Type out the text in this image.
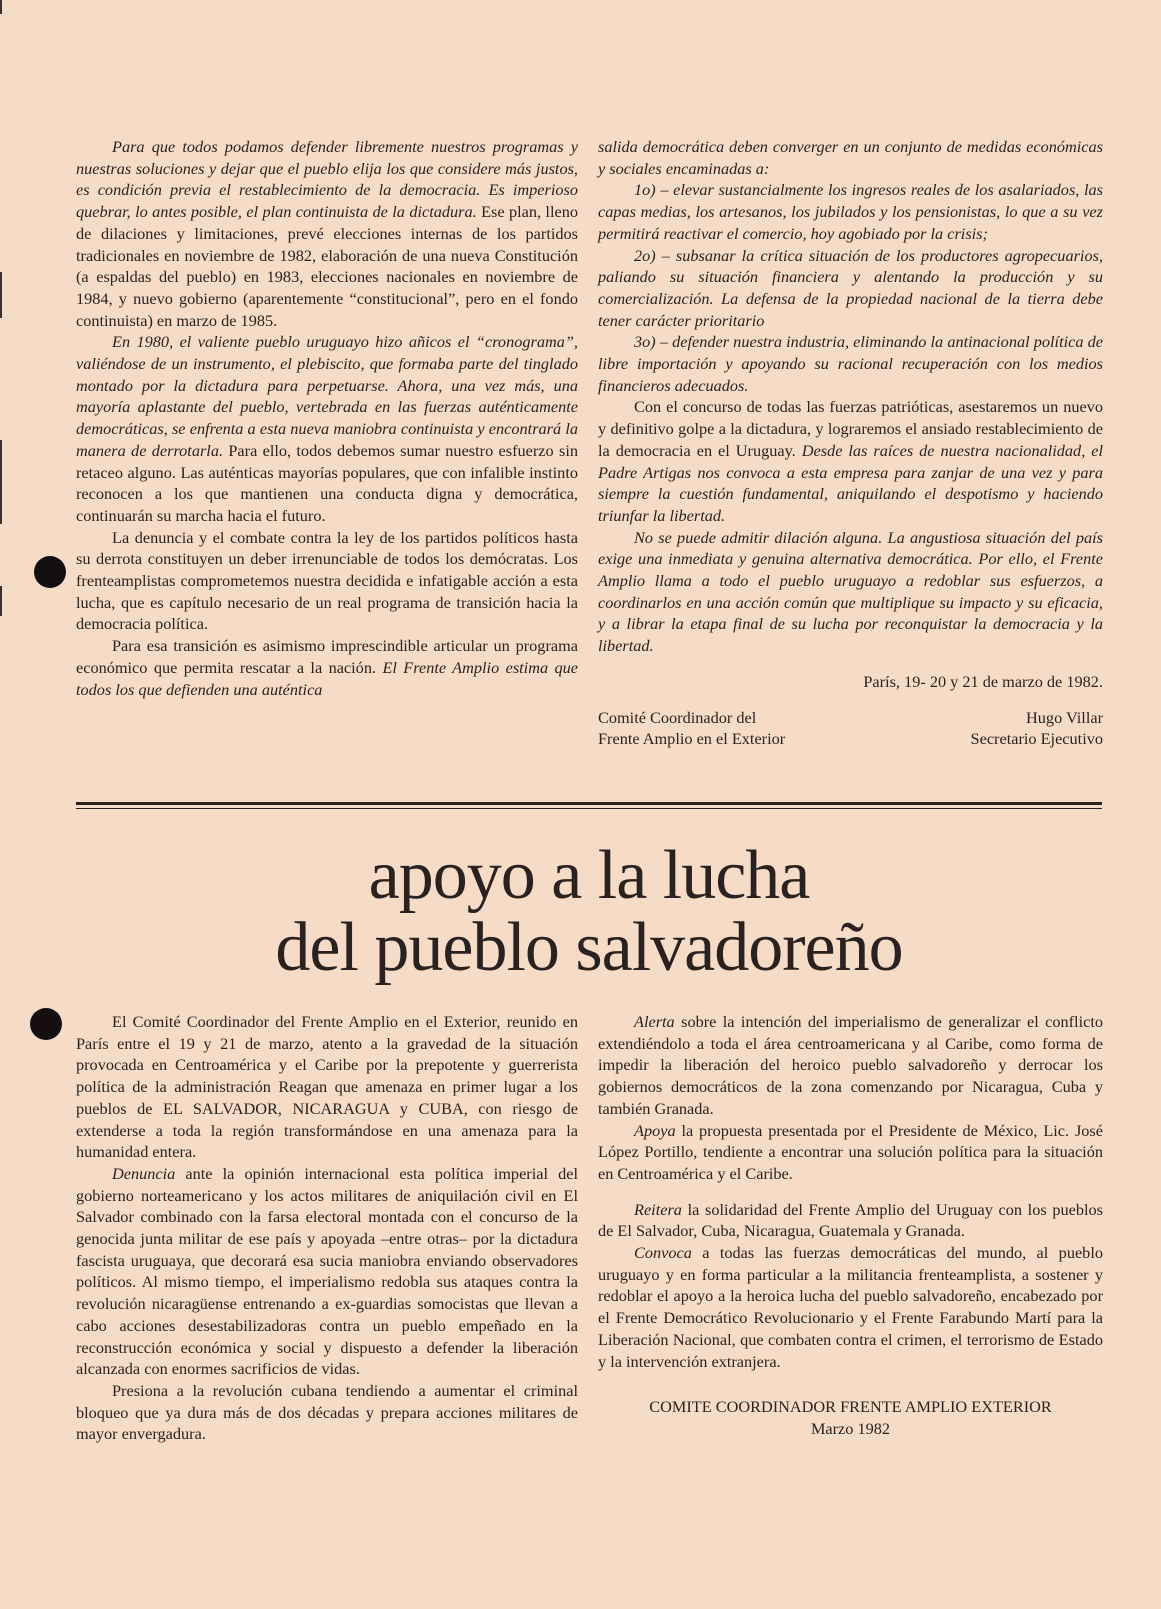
Para que todos podamos defender libremente nuestros programas y nuestras soluciones y dejar que el pueblo elija los que considere más justos, es condición previa el restablecimiento de la democracia. Es imperioso quebrar, lo antes posible, el plan continuista de la dictadura. Ese plan, lleno de dilaciones y limitaciones, prevé elecciones internas de los partidos tradicionales en noviembre de 1982, elaboración de una nueva Constitución (a espaldas del pueblo) en 1983, elecciones nacionales en noviembre de 1984, y nuevo gobierno (aparentemente “constitucional”, pero en el fondo continuista) en marzo de 1985.

En 1980, el valiente pueblo uruguayo hizo añicos el “cronograma”, valiéndose de un instrumento, el plebiscito, que formaba parte del tinglado montado por la dictadura para perpetuarse. Ahora, una vez más, una mayoría aplastante del pueblo, vertebrada en las fuerzas auténticamente democráticas, se enfrenta a esta nueva maniobra continuista y encontrará la manera de derrotarla. Para ello, todos debemos sumar nuestro esfuerzo sin retaceo alguno. Las auténticas mayorías populares, que con infalible instinto reconocen a los que mantienen una conducta digna y democrática, continuarán su marcha hacia el futuro.

La denuncia y el combate contra la ley de los partidos políticos hasta su derrota constituyen un deber irrenunciable de todos los demócratas. Los frenteamplistas comprometemos nuestra decidida e infatigable acción a esta lucha, que es capítulo necesario de un real programa de transición hacia la democracia política.

Para esa transición es asimismo imprescindible articular un programa económico que permita rescatar a la nación. El Frente Amplio estima que todos los que defienden una auténtica

salida democrática deben converger en un conjunto de medidas económicas y sociales encaminadas a:

1o) – elevar sustancialmente los ingresos reales de los asalariados, las capas medias, los artesanos, los jubilados y los pensionistas, lo que a su vez permitirá reactivar el comercio, hoy agobiado por la crisis;

2o) – subsanar la crítica situación de los productores agropecuarios, paliando su situación financiera y alentando la producción y su comercialización. La defensa de la propiedad nacional de la tierra debe tener carácter prioritario

3o) – defender nuestra industria, eliminando la antinacional política de libre importación y apoyando su racional recuperación con los medios financieros adecuados.

Con el concurso de todas las fuerzas patrióticas, asestaremos un nuevo y definitivo golpe a la dictadura, y lograremos el ansiado restablecimiento de la democracia en el Uruguay. Desde las raíces de nuestra nacionalidad, el Padre Artigas nos convoca a esta empresa para zanjar de una vez y para siempre la cuestión fundamental, aniquilando el despotismo y haciendo triunfar la libertad.

No se puede admitir dilación alguna. La angustiosa situación del país exige una inmediata y genuina alternativa democrática. Por ello, el Frente Amplio llama a todo el pueblo uruguayo a redoblar sus esfuerzos, a coordinarlos en una acción común que multiplique su impacto y su eficacia, y a librar la etapa final de su lucha por reconquistar la democracia y la libertad.

París, 19- 20 y 21 de marzo de 1982.

Comité Coordinador del
Frente Amplio en el Exterior
Hugo Villar
Secretario Ejecutivo
apoyo a la lucha
del pueblo salvadoreño

El Comité Coordinador del Frente Amplio en el Exterior, reunido en París entre el 19 y 21 de marzo, atento a la gravedad de la situación provocada en Centroamérica y el Caribe por la prepotente y guerrerista política de la administración Reagan que amenaza en primer lugar a los pueblos de EL SALVADOR, NICARAGUA y CUBA, con riesgo de extenderse a toda la región transformándose en una amenaza para la humanidad entera.

Denuncia ante la opinión internacional esta política imperial del gobierno norteamericano y los actos militares de aniquilación civil en El Salvador combinado con la farsa electoral montada con el concurso de la genocida junta militar de ese país y apoyada –entre otras– por la dictadura fascista uruguaya, que decorará esa sucia maniobra enviando observadores políticos. Al mismo tiempo, el imperialismo redobla sus ataques contra la revolución nicaragüense entrenando a ex-guardias somocistas que llevan a cabo acciones desestabilizadoras contra un pueblo empeñado en la reconstrucción económica y social y dispuesto a defender la liberación alcanzada con enormes sacrificios de vidas.

Presiona a la revolución cubana tendiendo a aumentar el criminal bloqueo que ya dura más de dos décadas y prepara acciones militares de mayor envergadura.

Alerta sobre la intención del imperialismo de generalizar el conflicto extendiéndolo a toda el área centroamericana y al Caribe, como forma de impedir la liberación del heroico pueblo salvadoreño y derrocar los gobiernos democráticos de la zona comenzando por Nicaragua, Cuba y también Granada.

Apoya la propuesta presentada por el Presidente de México, Lic. José López Portillo, tendiente a encontrar una solución política para la situación en Centroamérica y el Caribe.

Reitera la solidaridad del Frente Amplio del Uruguay con los pueblos de El Salvador, Cuba, Nicaragua, Guatemala y Granada.

Convoca a todas las fuerzas democráticas del mundo, al pueblo uruguayo y en forma particular a la militancia frenteamplista, a sostener y redoblar el apoyo a la heroica lucha del pueblo salvadoreño, encabezado por el Frente Democrático Revolucionario y el Frente Farabundo Martí para la Liberación Nacional, que combaten contra el crimen, el terrorismo de Estado y la intervención extranjera.

COMITE COORDINADOR FRENTE AMPLIO EXTERIOR
Marzo 1982
